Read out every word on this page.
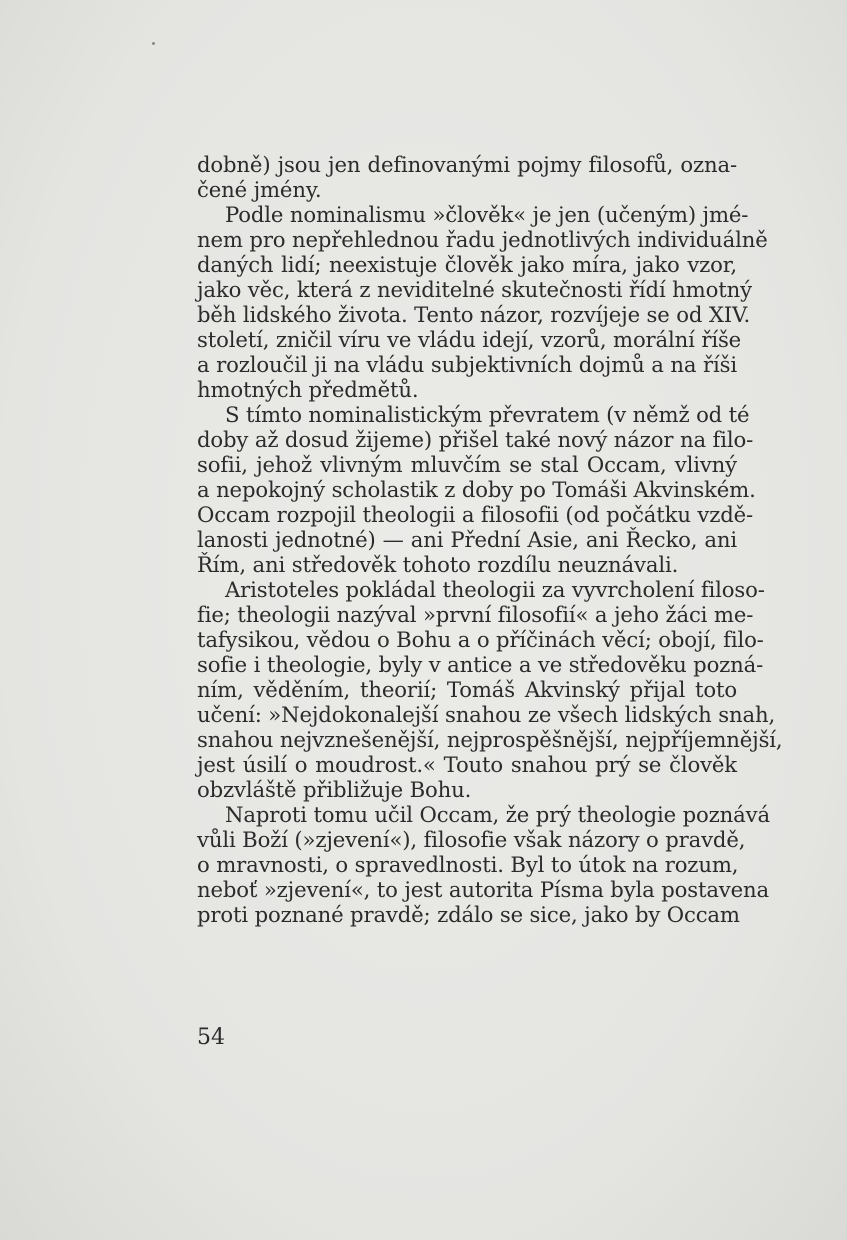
dobně) jsou jen definovanými pojmy filosofů, ozna-
čené jmény.
Podle nominalismu »člověk« je jen (učeným) jmé-
nem pro nepřehlednou řadu jednotlivých individuálně
daných lidí; neexistuje člověk jako míra, jako vzor,
jako věc, která z neviditelné skutečnosti řídí hmotný
běh lidského života. Tento názor, rozvíjeje se od XIV.
století, zničil víru ve vládu idejí, vzorů, morální říše
a rozloučil ji na vládu subjektivních dojmů a na říši
hmotných předmětů.
S tímto nominalistickým převratem (v němž od té
doby až dosud žijeme) přišel také nový názor na filo-
sofii, jehož vlivným mluvčím se stal Occam, vlivný
a nepokojný scholastik z doby po Tomáši Akvinském.
Occam rozpojil theologii a filosofii (od počátku vzdě-
lanosti jednotné) — ani Přední Asie, ani Řecko, ani
Řím, ani středověk tohoto rozdílu neuznávali.
Aristoteles pokládal theologii za vyvrcholení filoso-
fie; theologii nazýval »první filosofií« a jeho žáci me-
tafysikou, vědou o Bohu a o příčinách věcí; obojí, filo-
sofie i theologie, byly v antice a ve středověku pozná-
ním, věděním, theorií; Tomáš Akvinský přijal toto
učení: »Nejdokonalejší snahou ze všech lidských snah,
snahou nejvznešenější, nejprospěšnější, nejpříjemnější,
jest úsilí o moudrost.« Touto snahou prý se člověk
obzvláště přibližuje Bohu.
Naproti tomu učil Occam, že prý theologie poznává
vůli Boží (»zjevení«), filosofie však názory o pravdě,
o mravnosti, o spravedlnosti. Byl to útok na rozum,
neboť »zjevení«, to jest autorita Písma byla postavena
proti poznané pravdě; zdálo se sice, jako by Occam
54
